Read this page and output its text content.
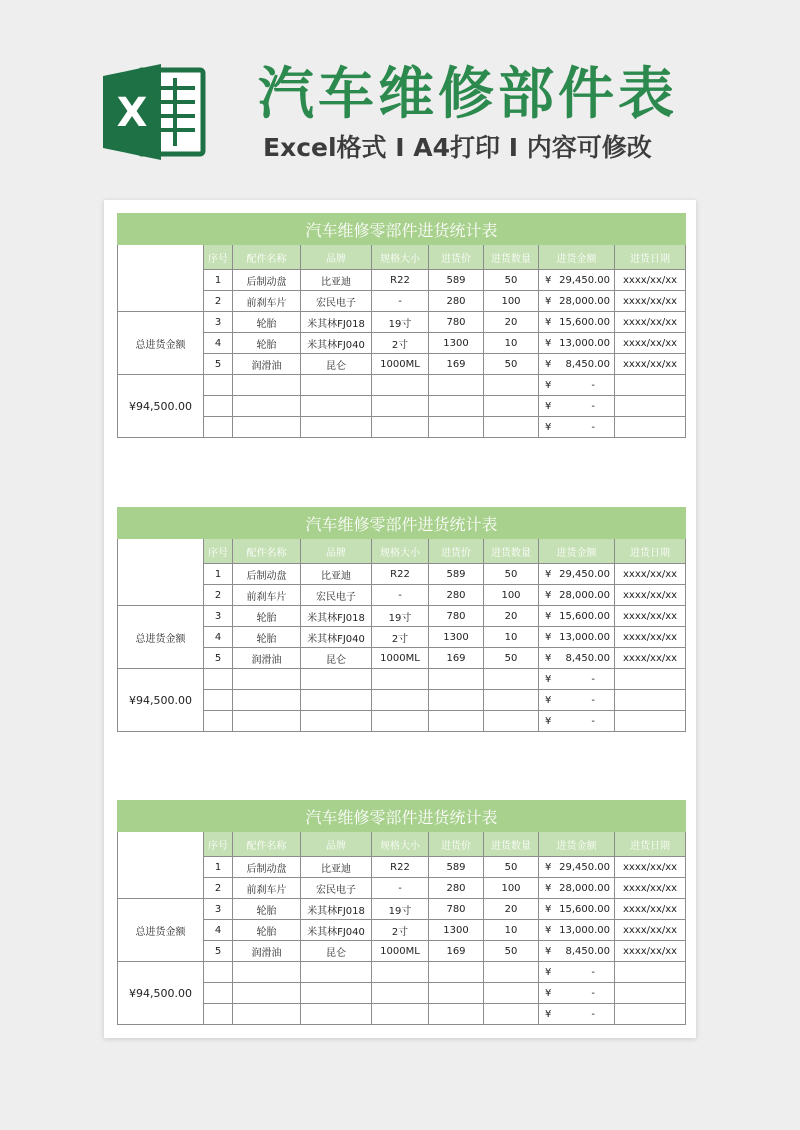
X 汽车维修部件表
Excel格式 I A4打印 I 内容可修改
汽车维修零部件进货统计表								
	序号	配件名称	品牌	规格大小	进货价	进货数量	进货金额	进货日期
	1	后制动盘	比亚迪	R22	589	50	¥ 29,450.00	xxxx/xx/xx
	2	前刹车片	宏民电子	-	280	100	¥ 28,000.00	xxxx/xx/xx
总进货金额	3	轮胎	米其林FJ018	19寸	780	20	¥ 15,600.00	xxxx/xx/xx
	4	轮胎	米其林FJ040	2寸	1300	10	¥ 13,000.00	xxxx/xx/xx
	5	润滑油	昆仑	1000ML	169	50	¥ 8,450.00	xxxx/xx/xx
¥94,500.00							¥ -	

							¥ -	

							¥ -	

汽车维修零部件进货统计表								
	序号	配件名称	品牌	规格大小	进货价	进货数量	进货金额	进货日期
	1	后制动盘	比亚迪	R22	589	50	¥ 29,450.00	xxxx/xx/xx
	2	前刹车片	宏民电子	-	280	100	¥ 28,000.00	xxxx/xx/xx
总进货金额	3	轮胎	米其林FJ018	19寸	780	20	¥ 15,600.00	xxxx/xx/xx
	4	轮胎	米其林FJ040	2寸	1300	10	¥ 13,000.00	xxxx/xx/xx
	5	润滑油	昆仑	1000ML	169	50	¥ 8,450.00	xxxx/xx/xx
¥94,500.00							¥ -	

							¥ -	

							¥ -	

汽车维修零部件进货统计表								
	序号	配件名称	品牌	规格大小	进货价	进货数量	进货金额	进货日期
	1	后制动盘	比亚迪	R22	589	50	¥ 29,450.00	xxxx/xx/xx
	2	前刹车片	宏民电子	-	280	100	¥ 28,000.00	xxxx/xx/xx
总进货金额	3	轮胎	米其林FJ018	19寸	780	20	¥ 15,600.00	xxxx/xx/xx
	4	轮胎	米其林FJ040	2寸	1300	10	¥ 13,000.00	xxxx/xx/xx
	5	润滑油	昆仑	1000ML	169	50	¥ 8,450.00	xxxx/xx/xx
¥94,500.00							¥ -	

							¥ -	

							¥ -	
